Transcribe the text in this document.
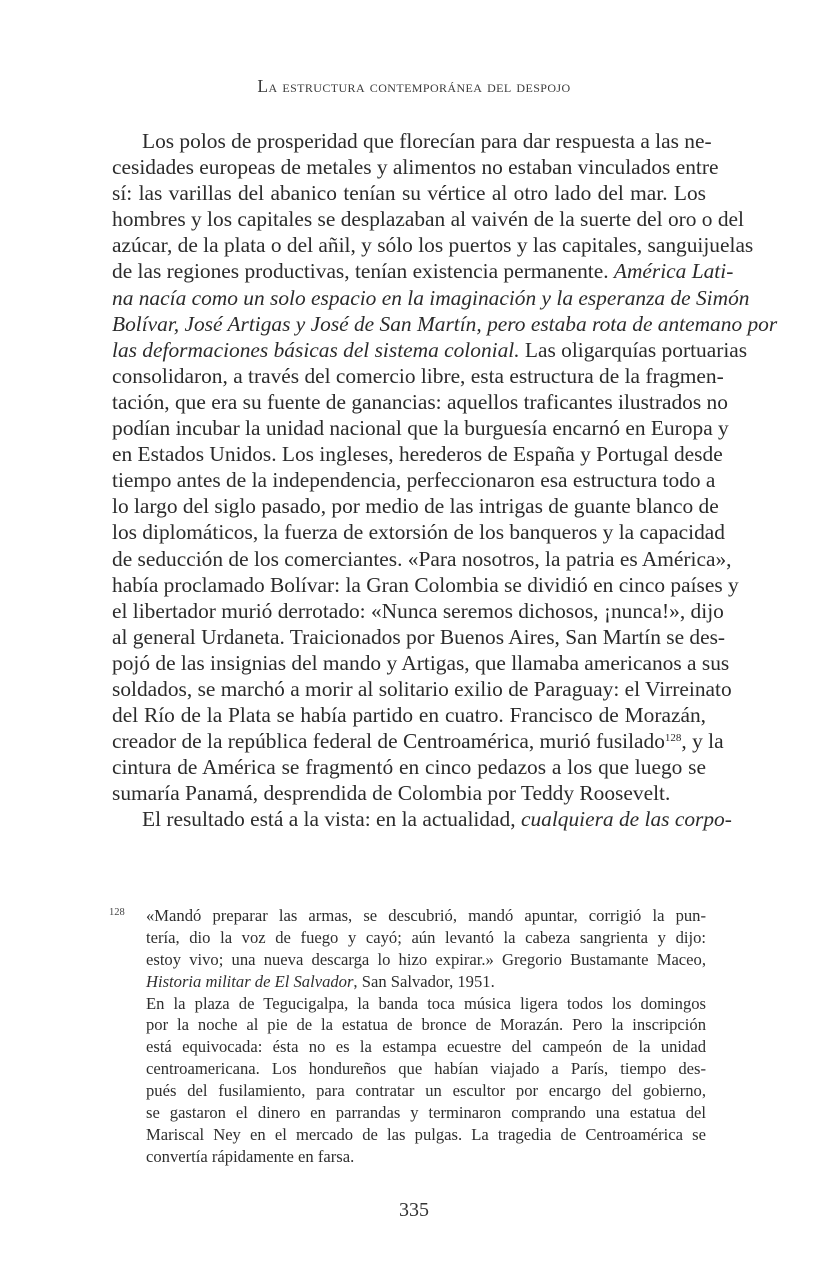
La estructura contemporánea del despojo
Los polos de prosperidad que florecían para dar respuesta a las ne-
cesidades europeas de metales y alimentos no estaban vinculados entre
sí: las varillas del abanico tenían su vértice al otro lado del mar. Los
hombres y los capitales se desplazaban al vaivén de la suerte del oro o del
azúcar, de la plata o del añil, y sólo los puertos y las capitales, sanguijuelas
de las regiones productivas, tenían existencia permanente. América Lati-
na nacía como un solo espacio en la imaginación y la esperanza de Simón
Bolívar, José Artigas y José de San Martín, pero estaba rota de antemano por
las deformaciones básicas del sistema colonial. Las oligarquías portuarias
consolidaron, a través del comercio libre, esta estructura de la fragmen-
tación, que era su fuente de ganancias: aquellos traficantes ilustrados no
podían incubar la unidad nacional que la burguesía encarnó en Europa y
en Estados Unidos. Los ingleses, herederos de España y Portugal desde
tiempo antes de la independencia, perfeccionaron esa estructura todo a
lo largo del siglo pasado, por medio de las intrigas de guante blanco de
los diplomáticos, la fuerza de extorsión de los banqueros y la capacidad
de seducción de los comerciantes. «Para nosotros, la patria es América»,
había proclamado Bolívar: la Gran Colombia se dividió en cinco países y
el libertador murió derrotado: «Nunca seremos dichosos, ¡nunca!», dijo
al general Urdaneta. Traicionados por Buenos Aires, San Martín se des-
pojó de las insignias del mando y Artigas, que llamaba americanos a sus
soldados, se marchó a morir al solitario exilio de Paraguay: el Virreinato
del Río de la Plata se había partido en cuatro. Francisco de Morazán,
creador de la república federal de Centroamérica, murió fusilado$^{128}$, y la
cintura de América se fragmentó en cinco pedazos a los que luego se
sumaría Panamá, desprendida de Colombia por Teddy Roosevelt.
El resultado está a la vista: en la actualidad, cualquiera de las corpo-
128	«Mandó preparar las armas, se descubrió, mandó apuntar, corrigió la pun-
tería, dio la voz de fuego y cayó; aún levantó la cabeza sangrienta y dijo:
estoy vivo; una nueva descarga lo hizo expirar.» Gregorio Bustamante Maceo,
Historia militar de El Salvador, San Salvador, 1951.
En la plaza de Tegucigalpa, la banda toca música ligera todos los domingos
por la noche al pie de la estatua de bronce de Morazán. Pero la inscripción
está equivocada: ésta no es la estampa ecuestre del campeón de la unidad
centroamericana. Los hondureños que habían viajado a París, tiempo des-
pués del fusilamiento, para contratar un escultor por encargo del gobierno,
se gastaron el dinero en parrandas y terminaron comprando una estatua del
Mariscal Ney en el mercado de las pulgas. La tragedia de Centroamérica se
convertía rápidamente en farsa.
335
